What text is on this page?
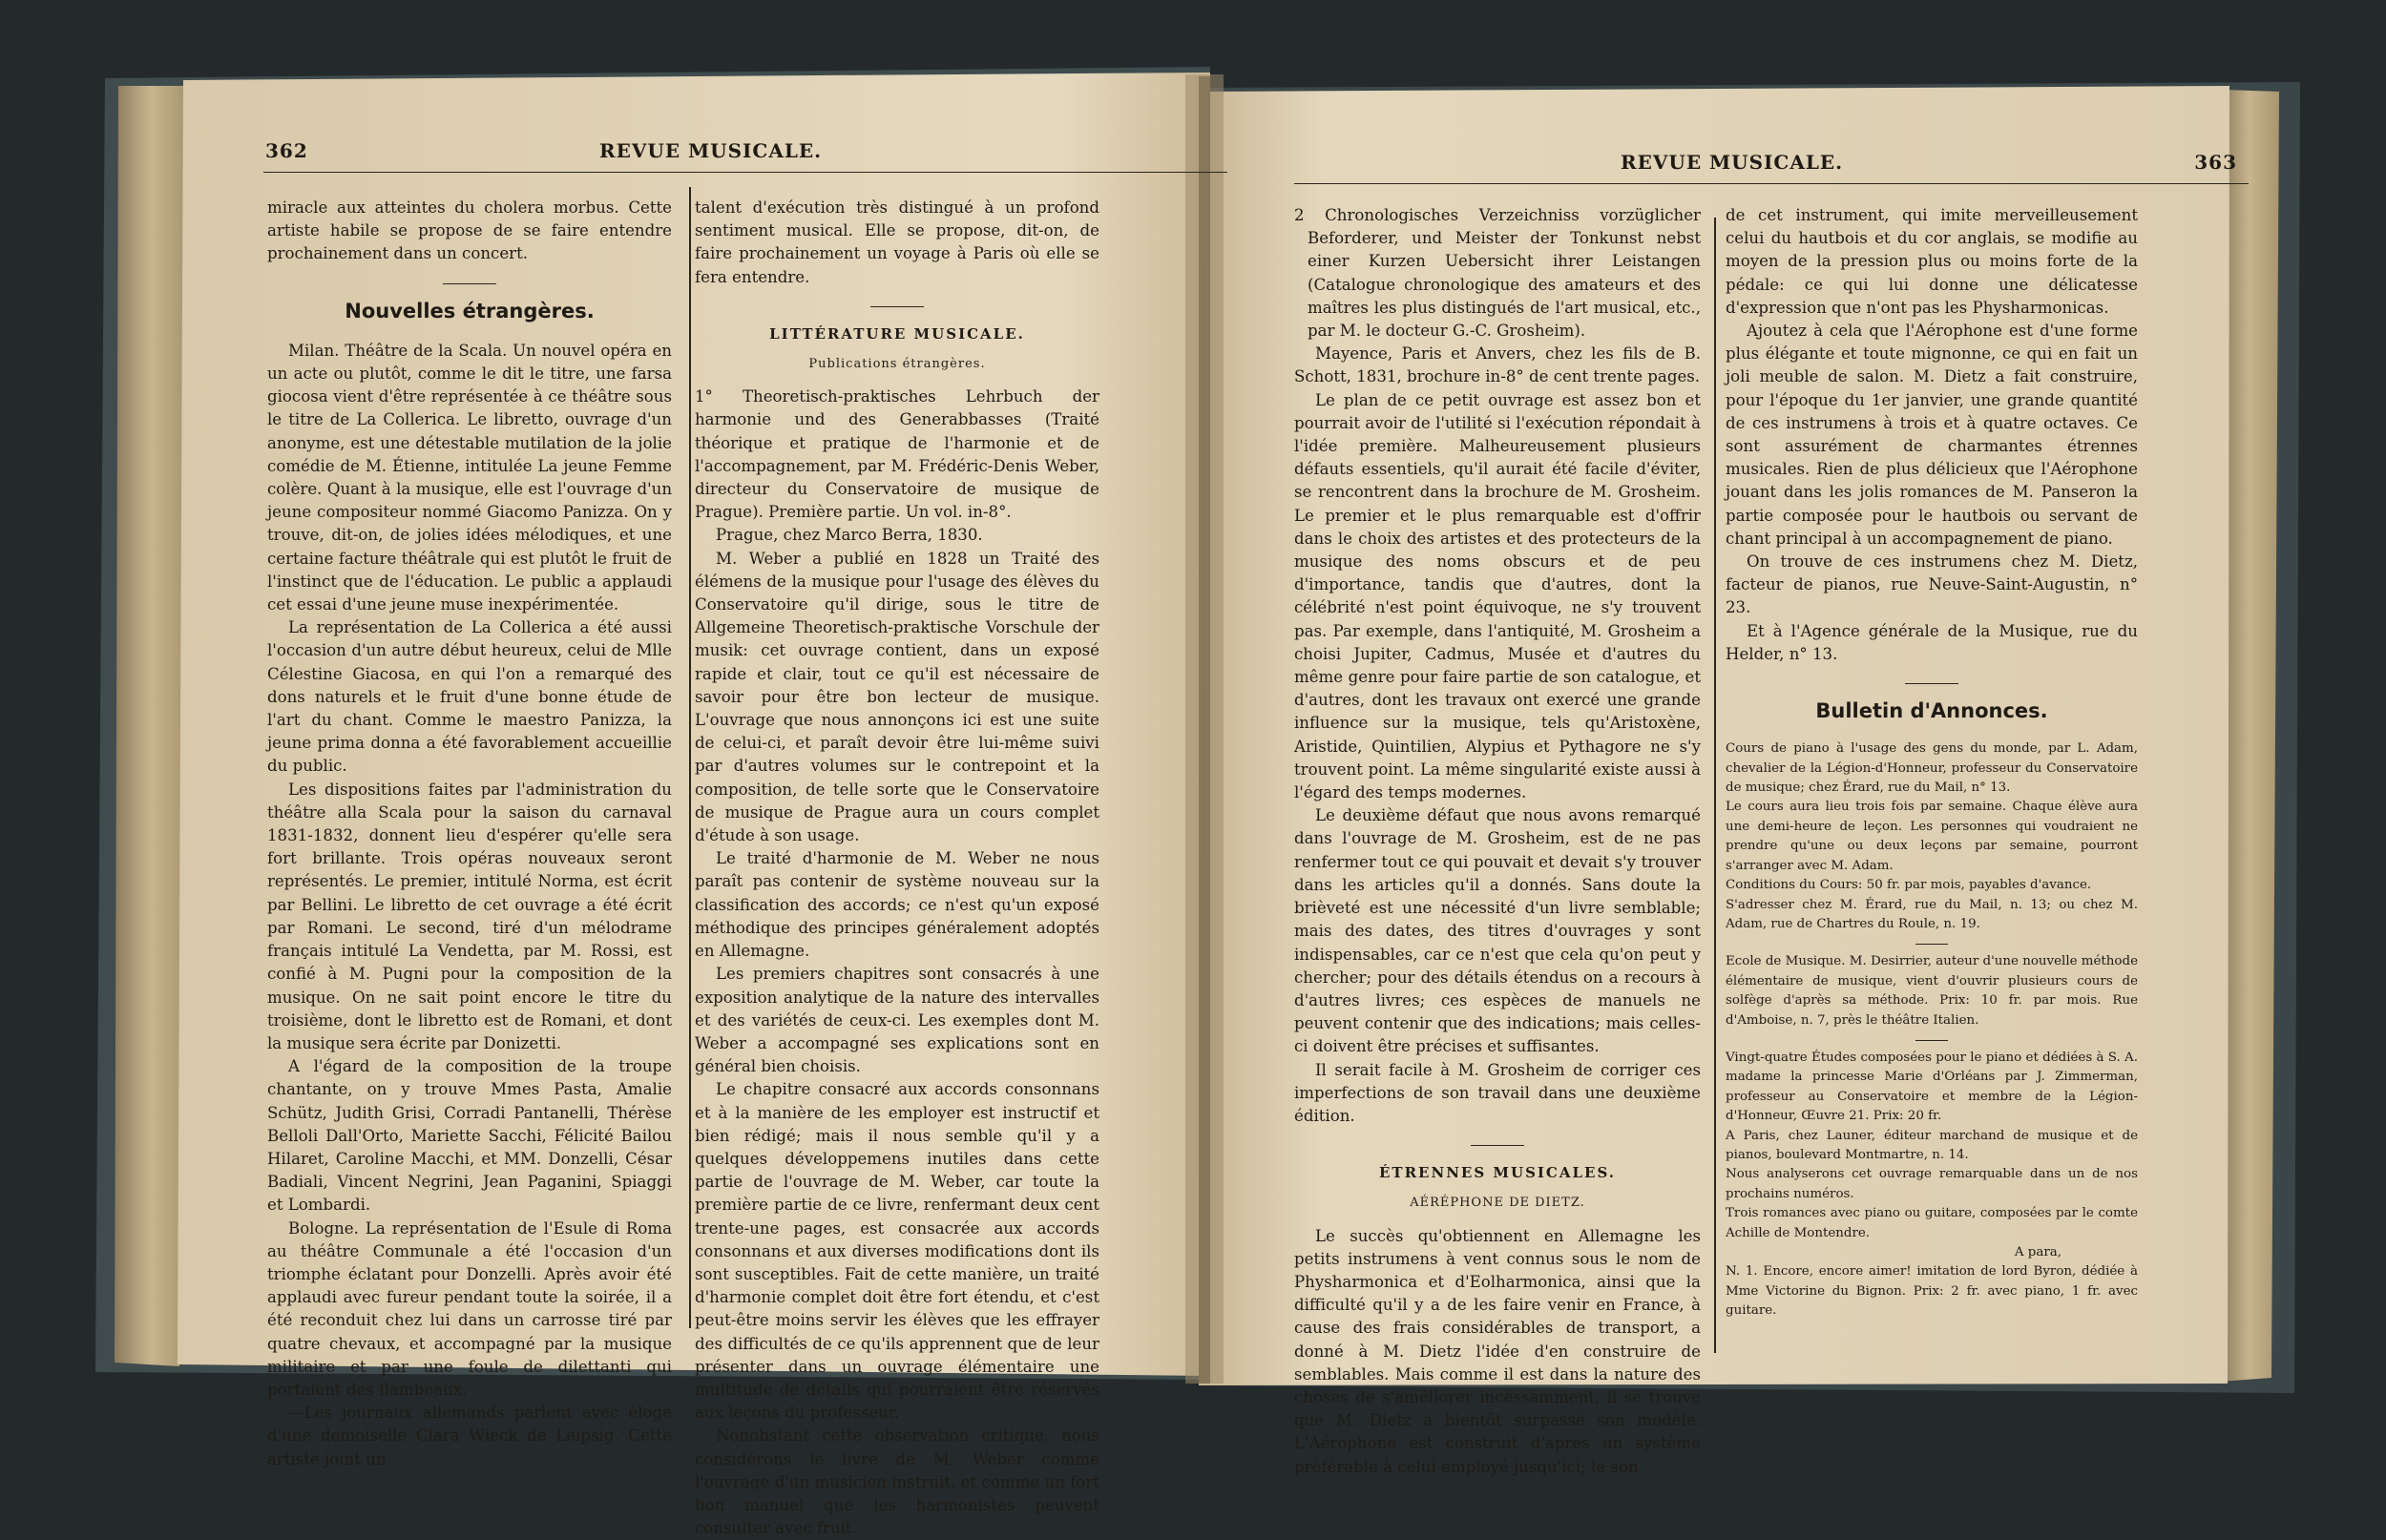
362	REVUE MUSICALE.

miracle aux atteintes du cholera morbus. Cette artiste habile se propose de se faire entendre prochainement dans un concert.

Nouvelles étrangères.

Milan. Théâtre de la Scala. Un nouvel opéra en un acte ou plutôt, comme le dit le titre, une farsa giocosa vient d'être représentée à ce théâtre sous le titre de La Collerica. Le libretto, ouvrage d'un anonyme, est une détestable mutilation de la jolie comédie de M. Étienne, intitulée La jeune Femme colère. Quant à la musique, elle est l'ouvrage d'un jeune compositeur nommé Giacomo Panizza. On y trouve, dit-on, de jolies idées mélodiques, et une certaine facture théâtrale qui est plutôt le fruit de l'instinct que de l'éducation. Le public a applaudi cet essai d'une jeune muse inexpérimentée.

La représentation de La Collerica a été aussi l'occasion d'un autre début heureux, celui de Mlle Célestine Giacosa, en qui l'on a remarqué des dons naturels et le fruit d'une bonne étude de l'art du chant. Comme le maestro Panizza, la jeune prima donna a été favorablement accueillie du public.

Les dispositions faites par l'administration du théâtre alla Scala pour la saison du carnaval 1831-1832, donnent lieu d'espérer qu'elle sera fort brillante. Trois opéras nouveaux seront représentés. Le premier, intitulé Norma, est écrit par Bellini. Le libretto de cet ouvrage a été écrit par Romani. Le second, tiré d'un mélodrame français intitulé La Vendetta, par M. Rossi, est confié à M. Pugni pour la composition de la musique. On ne sait point encore le titre du troisième, dont le libretto est de Romani, et dont la musique sera écrite par Donizetti.

A l'égard de la composition de la troupe chantante, on y trouve Mmes Pasta, Amalie Schütz, Judith Grisi, Corradi Pantanelli, Thérèse Belloli Dall'Orto, Mariette Sacchi, Félicité Bailou Hilaret, Caroline Macchi, et MM. Donzelli, César Badiali, Vincent Negrini, Jean Paganini, Spiaggi et Lombardi.

Bologne. La représentation de l'Esule di Roma au théâtre Communale a été l'occasion d'un triomphe éclatant pour Donzelli. Après avoir été applaudi avec fureur pendant toute la soirée, il a été reconduit chez lui dans un carrosse tiré par quatre chevaux, et accompagné par la musique militaire et par une foule de dilettanti qui portaient des flambeaux.

—Les journaux allemands parlent avec éloge d'une demoiselle Clara Wieck de Leipsig. Cette artiste joint un

talent d'exécution très distingué à un profond sentiment musical. Elle se propose, dit-on, de faire prochainement un voyage à Paris où elle se fera entendre.

LITTÉRATURE MUSICALE.
Publications étrangères.

1° Theoretisch-praktisches Lehrbuch der harmonie und des Generabbasses (Traité théorique et pratique de l'harmonie et de l'accompagnement, par M. Frédéric-Denis Weber, directeur du Conservatoire de musique de Prague). Première partie. Un vol. in-8°.

Prague, chez Marco Berra, 1830.

M. Weber a publié en 1828 un Traité des élémens de la musique pour l'usage des élèves du Conservatoire qu'il dirige, sous le titre de Allgemeine Theoretisch-praktische Vorschule der musik: cet ouvrage contient, dans un exposé rapide et clair, tout ce qu'il est nécessaire de savoir pour être bon lecteur de musique. L'ouvrage que nous annonçons ici est une suite de celui-ci, et paraît devoir être lui-même suivi par d'autres volumes sur le contrepoint et la composition, de telle sorte que le Conservatoire de musique de Prague aura un cours complet d'étude à son usage.

Le traité d'harmonie de M. Weber ne nous paraît pas contenir de système nouveau sur la classification des accords; ce n'est qu'un exposé méthodique des principes généralement adoptés en Allemagne.

Les premiers chapitres sont consacrés à une exposition analytique de la nature des intervalles et des variétés de ceux-ci. Les exemples dont M. Weber a accompagné ses explications sont en général bien choisis.

Le chapitre consacré aux accords consonnans et à la manière de les employer est instructif et bien rédigé; mais il nous semble qu'il y a quelques développemens inutiles dans cette partie de l'ouvrage de M. Weber, car toute la première partie de ce livre, renfermant deux cent trente-une pages, est consacrée aux accords consonnans et aux diverses modifications dont ils sont susceptibles. Fait de cette manière, un traité d'harmonie complet doit être fort étendu, et c'est peut-être moins servir les élèves que les effrayer des difficultés de ce qu'ils apprennent que de leur présenter dans un ouvrage élémentaire une multitude de détails qui pourraient être réservés aux leçons du professeur.

Nonobstant cette observation critique, nous considérons le livre de M. Weber comme l'ouvrage d'un musicien instruit, et comme un fort bon manuel que les harmonistes peuvent consulter avec fruit.

REVUE MUSICALE.	363

2 Chronologisches Verzeichniss vorzüglicher Beforderer, und Meister der Tonkunst nebst einer Kurzen Uebersicht ihrer Leistangen (Catalogue chronologique des amateurs et des maîtres les plus distingués de l'art musical, etc., par M. le docteur G.-C. Grosheim).

Mayence, Paris et Anvers, chez les fils de B. Schott, 1831, brochure in-8° de cent trente pages.

Le plan de ce petit ouvrage est assez bon et pourrait avoir de l'utilité si l'exécution répondait à l'idée première. Malheureusement plusieurs défauts essentiels, qu'il aurait été facile d'éviter, se rencontrent dans la brochure de M. Grosheim. Le premier et le plus remarquable est d'offrir dans le choix des artistes et des protecteurs de la musique des noms obscurs et de peu d'importance, tandis que d'autres, dont la célébrité n'est point équivoque, ne s'y trouvent pas. Par exemple, dans l'antiquité, M. Grosheim a choisi Jupiter, Cadmus, Musée et d'autres du même genre pour faire partie de son catalogue, et d'autres, dont les travaux ont exercé une grande influence sur la musique, tels qu'Aristoxène, Aristide, Quintilien, Alypius et Pythagore ne s'y trouvent point. La même singularité existe aussi à l'égard des temps modernes.

Le deuxième défaut que nous avons remarqué dans l'ouvrage de M. Grosheim, est de ne pas renfermer tout ce qui pouvait et devait s'y trouver dans les articles qu'il a donnés. Sans doute la brièveté est une nécessité d'un livre semblable; mais des dates, des titres d'ouvrages y sont indispensables, car ce n'est que cela qu'on peut y chercher; pour des détails étendus on a recours à d'autres livres; ces espèces de manuels ne peuvent contenir que des indications; mais celles-ci doivent être précises et suffisantes.

Il serait facile à M. Grosheim de corriger ces imperfections de son travail dans une deuxième édition.

ÉTRENNES MUSICALES.
AÉRÉPHONE DE DIETZ.

Le succès qu'obtiennent en Allemagne les petits instrumens à vent connus sous le nom de Physharmonica et d'Eolharmonica, ainsi que la difficulté qu'il y a de les faire venir en France, à cause des frais considérables de transport, a donné à M. Dietz l'idée d'en construire de semblables. Mais comme il est dans la nature des choses de s'améliorer incessamment, il se trouve que M. Dietz a bientôt surpassé son modèle. L'Aérophone est construit d'après un système préférable à celui employé jusqu'ici; le son

de cet instrument, qui imite merveilleusement celui du hautbois et du cor anglais, se modifie au moyen de la pression plus ou moins forte de la pédale: ce qui lui donne une délicatesse d'expression que n'ont pas les Physharmonicas.

Ajoutez à cela que l'Aérophone est d'une forme plus élégante et toute mignonne, ce qui en fait un joli meuble de salon. M. Dietz a fait construire, pour l'époque du 1er janvier, une grande quantité de ces instrumens à trois et à quatre octaves. Ce sont assurément de charmantes étrennes musicales. Rien de plus délicieux que l'Aérophone jouant dans les jolis romances de M. Panseron la partie composée pour le hautbois ou servant de chant principal à un accompagnement de piano.

On trouve de ces instrumens chez M. Dietz, facteur de pianos, rue Neuve-Saint-Augustin, n° 23.

Et à l'Agence générale de la Musique, rue du Helder, n° 13.

Bulletin d'Annonces.

Cours de piano à l'usage des gens du monde, par L. Adam, chevalier de la Légion-d'Honneur, professeur du Conservatoire de musique; chez Érard, rue du Mail, n° 13.

Le cours aura lieu trois fois par semaine. Chaque élève aura une demi-heure de leçon. Les personnes qui voudraient ne prendre qu'une ou deux leçons par semaine, pourront s'arranger avec M. Adam.

Conditions du Cours: 50 fr. par mois, payables d'avance.

S'adresser chez M. Érard, rue du Mail, n. 13; ou chez M. Adam, rue de Chartres du Roule, n. 19.

Ecole de Musique. M. Desirrier, auteur d'une nouvelle méthode élémentaire de musique, vient d'ouvrir plusieurs cours de solfège d'après sa méthode. Prix: 10 fr. par mois. Rue d'Amboise, n. 7, près le théâtre Italien.

Vingt-quatre Études composées pour le piano et dédiées à S. A. madame la princesse Marie d'Orléans par J. Zimmerman, professeur au Conservatoire et membre de la Légion-d'Honneur, Œuvre 21. Prix: 20 fr.

A Paris, chez Launer, éditeur marchand de musique et de pianos, boulevard Montmartre, n. 14.

Nous analyserons cet ouvrage remarquable dans un de nos prochains numéros.

Trois romances avec piano ou guitare, composées par le comte Achille de Montendre.

A para,

N. 1. Encore, encore aimer! imitation de lord Byron, dédiée à Mme Victorine du Bignon. Prix: 2 fr. avec piano, 1 fr. avec guitare.
